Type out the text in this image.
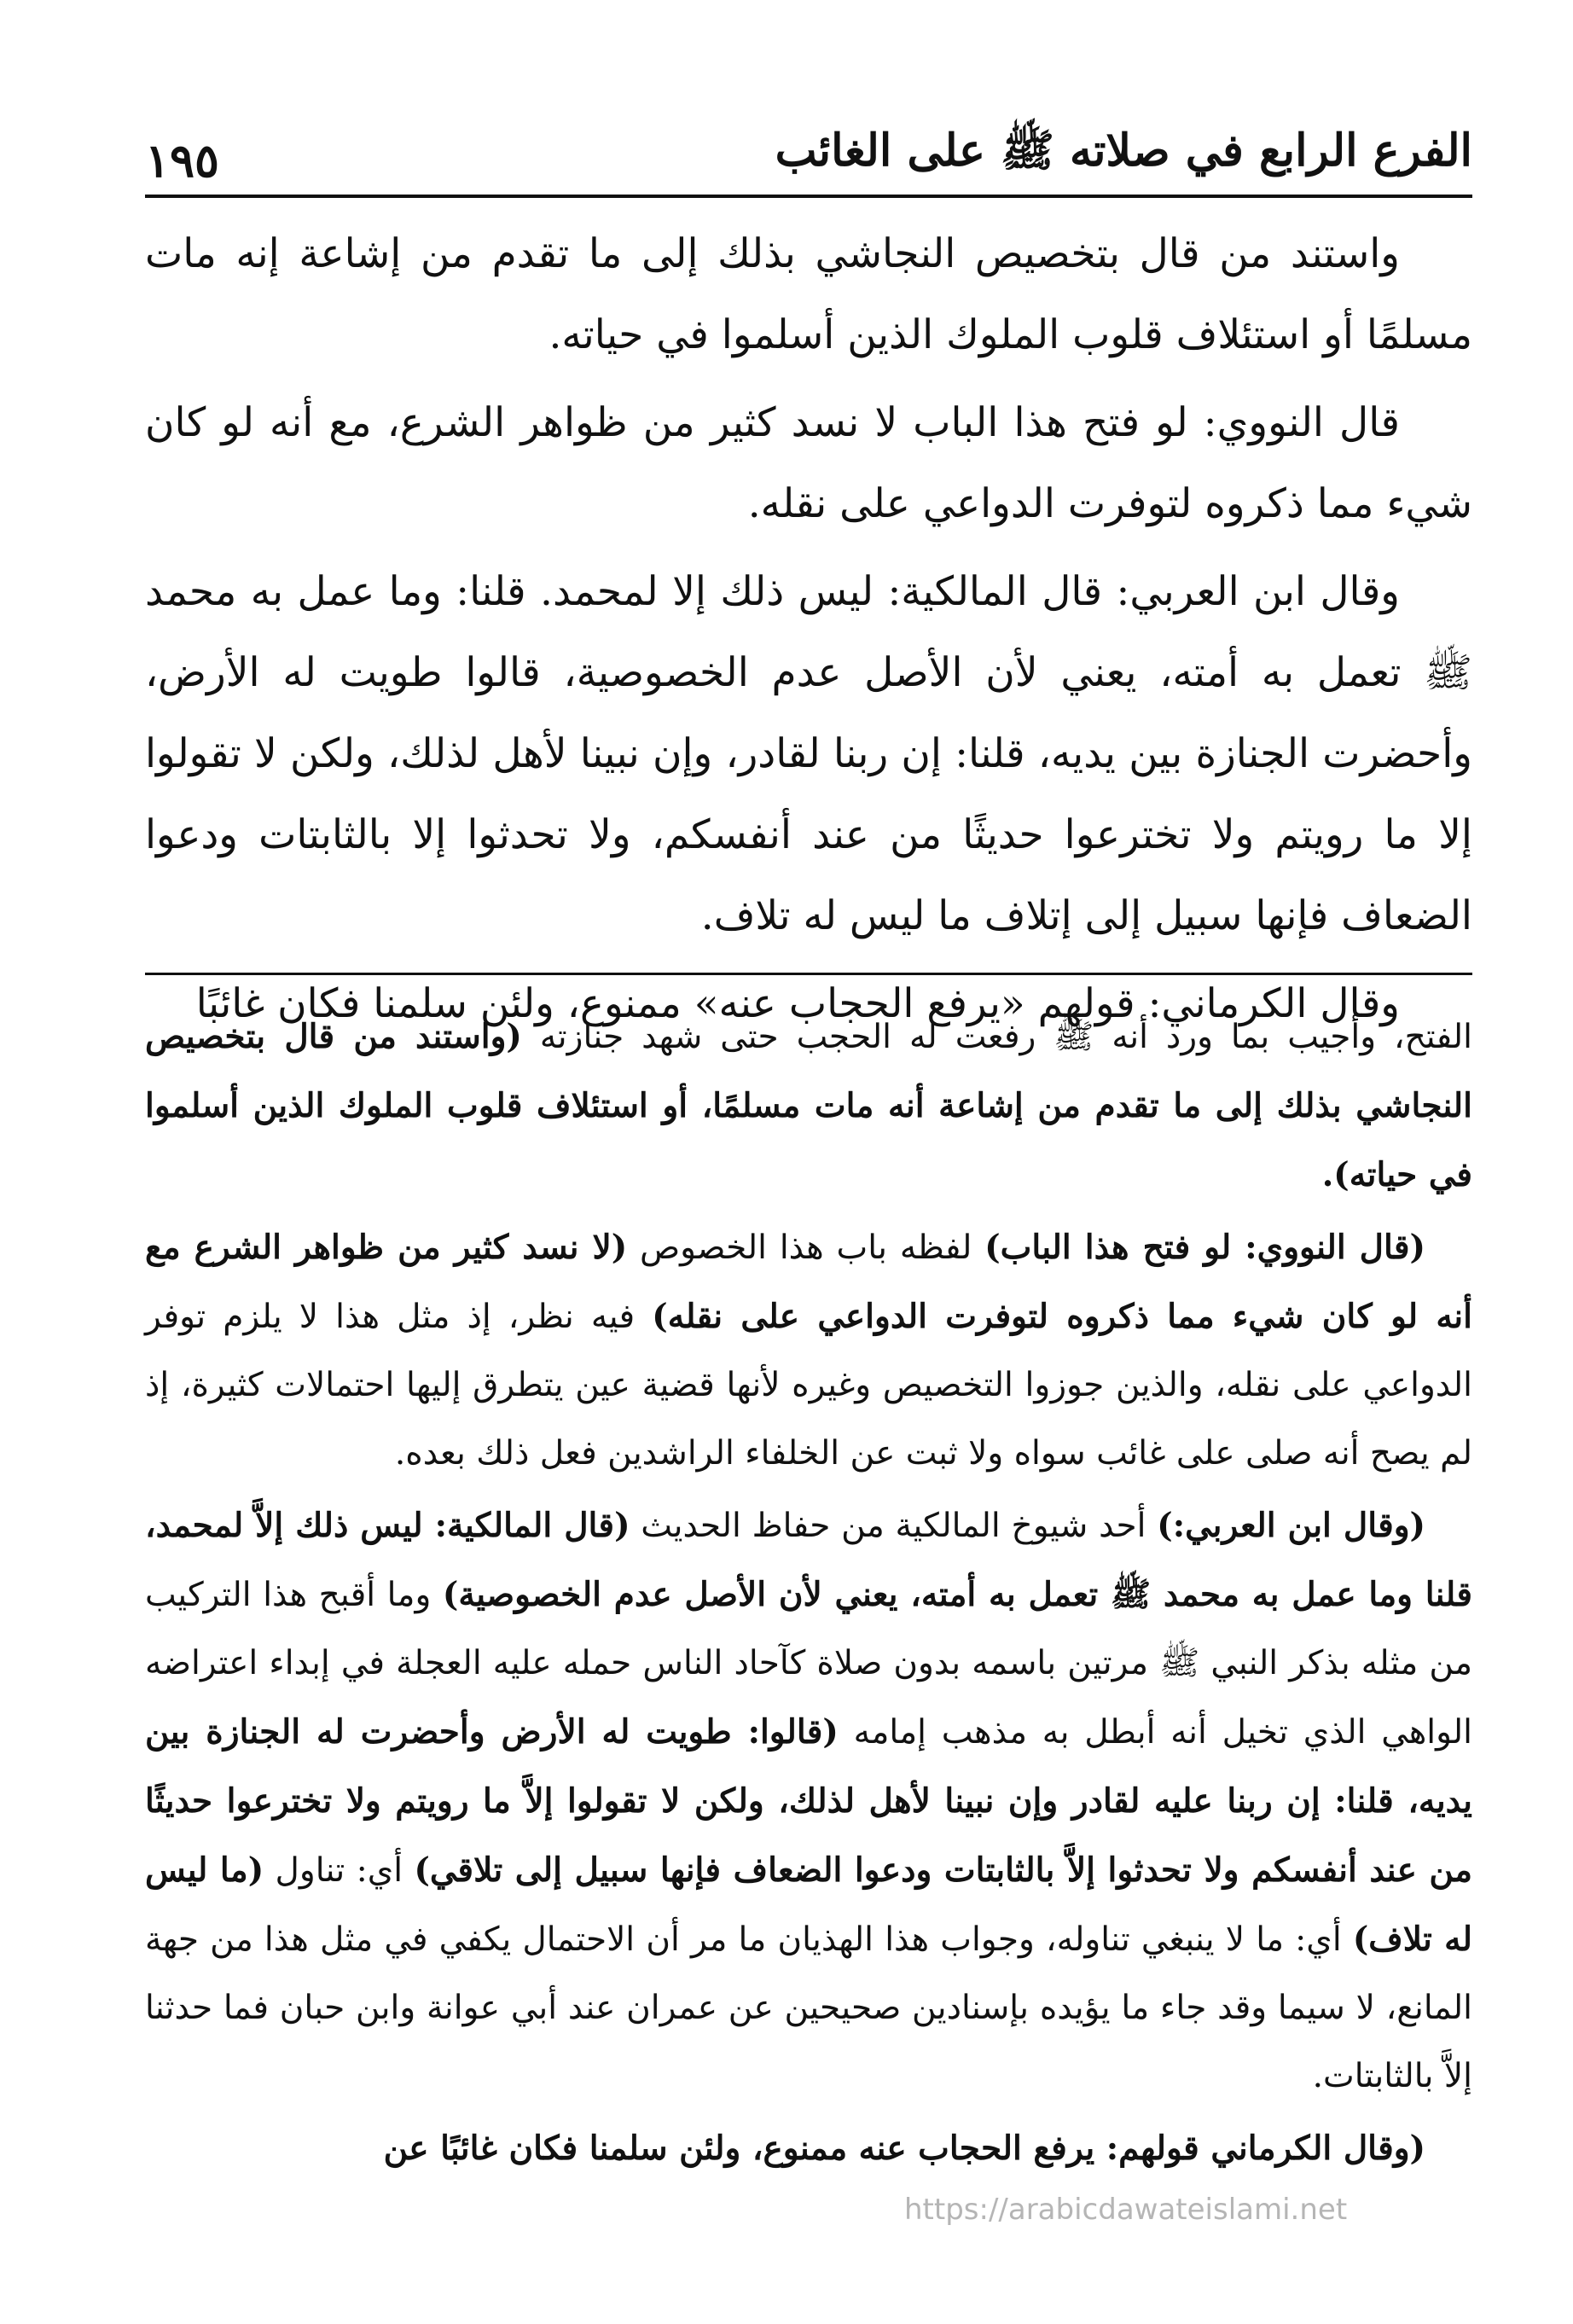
الفرع الرابع في صلاته ﷺ على الغائب
١٩٥

واستند من قال بتخصيص النجاشي بذلك إلى ما تقدم من إشاعة إنه مات مسلمًا أو استئلاف قلوب الملوك الذين أسلموا في حياته.

قال النووي: لو فتح هذا الباب لا نسد كثير من ظواهر الشرع، مع أنه لو كان شيء مما ذكروه لتوفرت الدواعي على نقله.

وقال ابن العربي: قال المالكية: ليس ذلك إلا لمحمد. قلنا: وما عمل به محمد ﷺ تعمل به أمته، يعني لأن الأصل عدم الخصوصية، قالوا طويت له الأرض، وأحضرت الجنازة بين يديه، قلنا: إن ربنا لقادر، وإن نبينا لأهل لذلك، ولكن لا تقولوا إلا ما رويتم ولا تخترعوا حديثًا من عند أنفسكم، ولا تحدثوا إلا بالثابتات ودعوا الضعاف فإنها سبيل إلى إتلاف ما ليس له تلاف.

وقال الكرماني: قولهم «يرفع الحجاب عنه» ممنوع، ولئن سلمنا فكان غائبًا

الفتح، وأجيب بما ورد أنه ﷺ رفعت له الحجب حتى شهد جنازته (واستند من قال بتخصيص النجاشي بذلك إلى ما تقدم من إشاعة أنه مات مسلمًا، أو استئلاف قلوب الملوك الذين أسلموا في حياته).

(قال النووي: لو فتح هذا الباب) لفظه باب هذا الخصوص (لا نسد كثير من ظواهر الشرع مع أنه لو كان شيء مما ذكروه لتوفرت الدواعي على نقله) فيه نظر، إذ مثل هذا لا يلزم توفر الدواعي على نقله، والذين جوزوا التخصيص وغيره لأنها قضية عين يتطرق إليها احتمالات كثيرة، إذ لم يصح أنه صلى على غائب سواه ولا ثبت عن الخلفاء الراشدين فعل ذلك بعده.

(وقال ابن العربي:) أحد شيوخ المالكية من حفاظ الحديث (قال المالكية: ليس ذلك إلاَّ لمحمد، قلنا وما عمل به محمد ﷺ تعمل به أمته، يعني لأن الأصل عدم الخصوصية) وما أقبح هذا التركيب من مثله بذكر النبي ﷺ مرتين باسمه بدون صلاة كآحاد الناس حمله عليه العجلة في إبداء اعتراضه الواهي الذي تخيل أنه أبطل به مذهب إمامه (قالوا: طويت له الأرض وأحضرت له الجنازة بين يديه، قلنا: إن ربنا عليه لقادر وإن نبينا لأهل لذلك، ولكن لا تقولوا إلاَّ ما رويتم ولا تخترعوا حديثًا من عند أنفسكم ولا تحدثوا إلاَّ بالثابتات ودعوا الضعاف فإنها سبيل إلى تلاقي) أي: تناول (ما ليس له تلاف) أي: ما لا ينبغي تناوله، وجواب هذا الهذيان ما مر أن الاحتمال يكفي في مثل هذا من جهة المانع، لا سيما وقد جاء ما يؤيده بإسنادين صحيحين عن عمران عند أبي عوانة وابن حبان فما حدثنا إلاَّ بالثابتات.

(وقال الكرماني قولهم: يرفع الحجاب عنه ممنوع، ولئن سلمنا فكان غائبًا عن

https://arabicdawateislami.net
